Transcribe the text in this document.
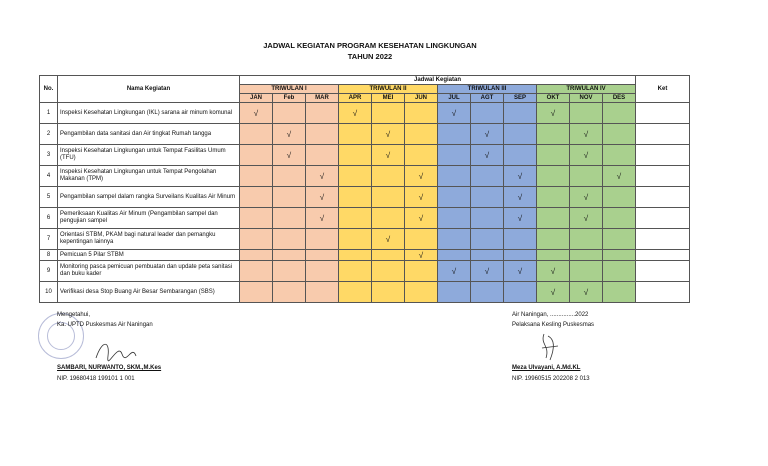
JADWAL KEGIATAN PROGRAM KESEHATAN LINGKUNGAN
TAHUN 2022
No.	Nama Kegiatan	Jadwal Kegiatan												Ket
		TRIWULAN I			TRIWULAN II			TRIWULAN III			TRIWULAN IV			
		JAN	Feb	MAR	APR	MEI	JUN	JUL	AGT	SEP	OKT	NOV	DES	
1	Inspeksi Kesehatan Lingkungan (IKL) sarana air minum komunal	√			√			√			√			
2	Pengambilan data sanitasi dan Air tingkat Rumah tangga		√			√			√			√		
3	Inspeksi Kesehatan Lingkungan untuk Tempat Fasilitas Umum (TFU)		√			√			√			√		
4	Inspeksi Kesehatan Lingkungan untuk Tempat Pengolahan Makanan (TPM)			√			√			√			√	
5	Pengambilan sampel dalam rangka Surveilans Kualitas Air Minum			√			√			√		√		
6	Pemeriksaan Kualitas Air Minum (Pengambilan sampel dan pengujian sampel			√			√			√		√		
7	Orientasi STBM, PKAM bagi natural leader dan pemangku kepentingan lainnya					√								
8	Pemicuan 5 Pilar STBM						√							
9	Monitoring pasca pemicuan pembuatan dan update peta sanitasi dan buku kader							√	√	√	√			
10	Verifikasi desa Stop Buang Air Besar Sembarangan (SBS)										√	√		
Mengetahui,
Ka. UPTD Puskesmas Air Naningan
SAMBARI, NURWANTO, SKM.,M.Kes
NIP. 19680418 199101 1 001
Air Naningan, ...............2022
Pelaksana Kesling Puskesmas
Meza Ulvayani, A.Md.KL
NIP. 19960515 202208 2 013
